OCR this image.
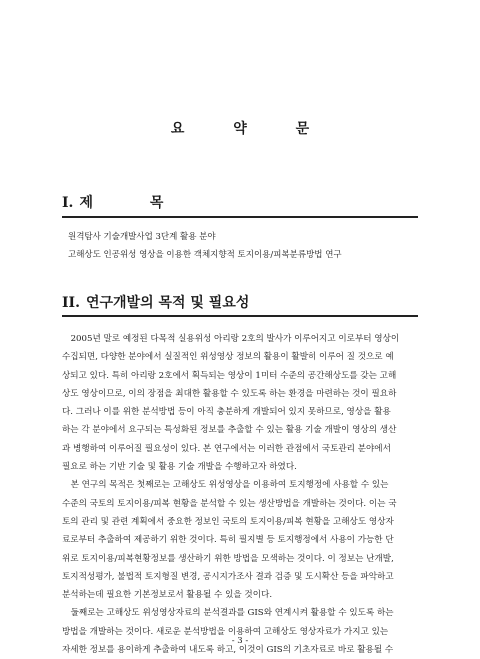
요 약 문
I. 제 목
원격탐사 기술개발사업 3단계 활용 분야
고해상도 인공위성 영상을 이용한 객체지향적 토지이용/피복분류방법 연구
II. 연구개발의 목적 및 필요성
　2005년 말로 예정된 다목적 실용위성 아리랑 2호의 발사가 이루어지고 이로부터 영상이
수집되면, 다양한 분야에서 실질적인 위성영상 정보의 활용이 활발히 이루어 질 것으로 예
상되고 있다. 특히 아리랑 2호에서 획득되는 영상이 1미터 수준의 공간해상도를 갖는 고해
상도 영상이므로, 이의 장점을 최대한 활용할 수 있도록 하는 환경을 마련하는 것이 필요하
다. 그러나 이를 위한 분석방법 등이 아직 충분하게 개발되어 있지 못하므로, 영상을 활용
하는 각 분야에서 요구되는 특성화된 정보를 추출할 수 있는 활용 기술 개발이 영상의 생산
과 병행하여 이루어질 필요성이 있다. 본 연구에서는 이러한 관점에서 국토관리 분야에서
필요로 하는 기반 기술 및 활용 기술 개발을 수행하고자 하였다.
　본 연구의 목적은 첫째로는 고해상도 위성영상을 이용하여 토지행정에 사용할 수 있는
수준의 국토의 토지이용/피복 현황을 분석할 수 있는 생산방법을 개발하는 것이다. 이는 국
토의 관리 및 관련 계획에서 중요한 정보인 국토의 토지이용/피복 현황을 고해상도 영상자
료로부터 추출하여 제공하기 위한 것이다. 특히 필지별 등 토지행정에서 사용이 가능한 단
위로 토지이용/피복현황정보를 생산하기 위한 방법을 모색하는 것이다. 이 정보는 난개발,
토지적성평가, 불법적 토지형질 변경, 공시지가조사 결과 검증 및 도시확산 등을 파악하고
분석하는데 필요한 기본정보로서 활용될 수 있을 것이다.
　둘째로는 고해상도 위성영상자료의 분석결과를 GIS와 연계시켜 활용할 수 있도록 하는
방법을 개발하는 것이다. 새로운 분석방법을 이용하여 고해상도 영상자료가 가지고 있는
자세한 정보를 용이하게 추출하여 내도록 하고, 이것이 GIS의 기초자료로 바로 활용될 수
- 3 -
